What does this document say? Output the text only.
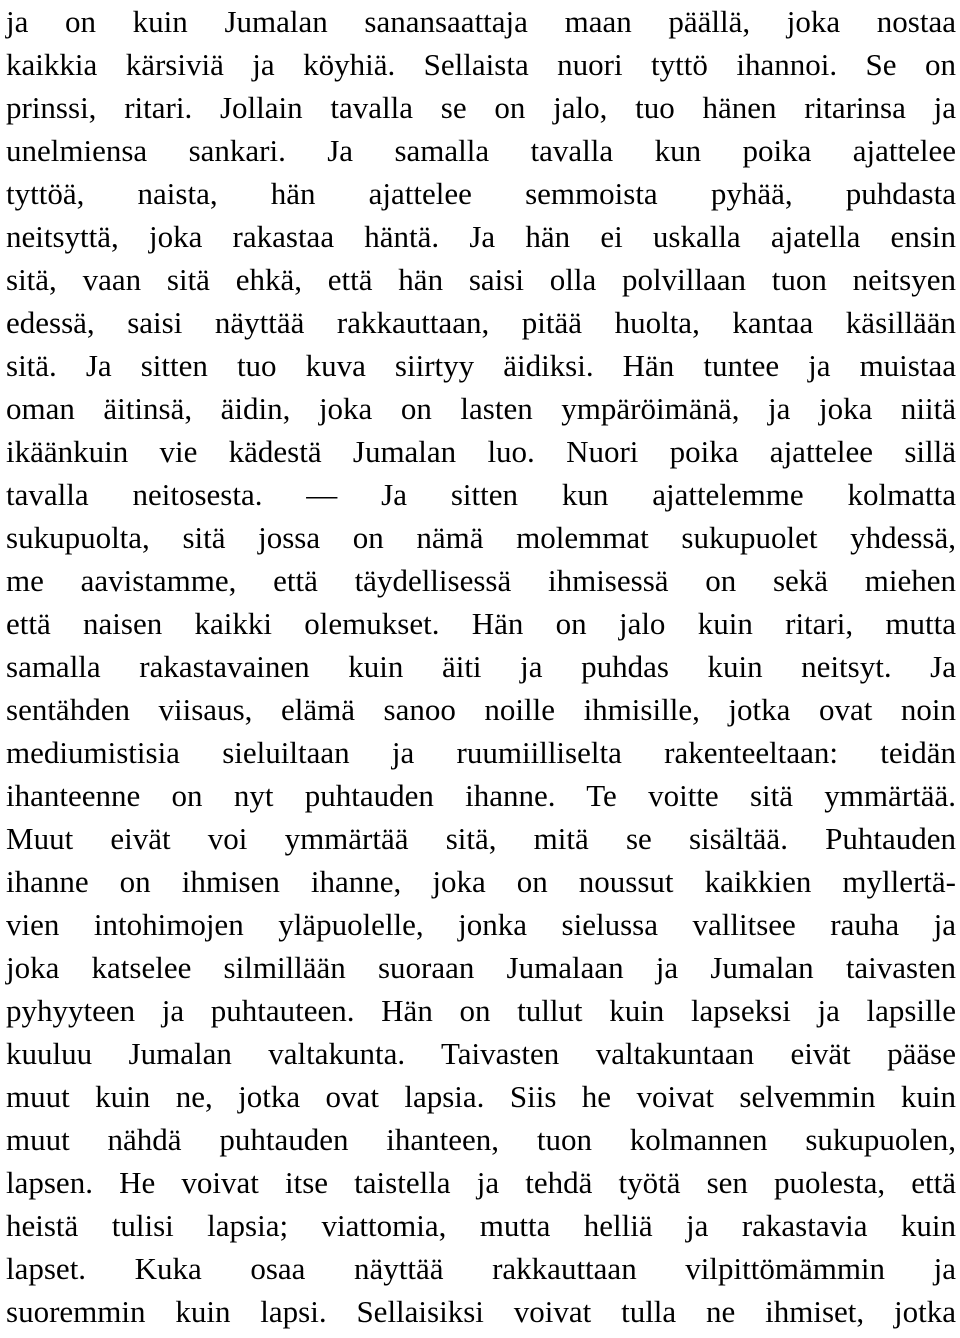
ja on kuin Jumalan sanansaattaja maan päällä, joka nostaa

kaikkia kärsiviä ja köyhiä. Sellaista nuori tyttö ihannoi. Se on

prinssi, ritari. Jollain tavalla se on jalo, tuo hänen ritarinsa ja

unelmiensa sankari. Ja samalla tavalla kun poika ajattelee

tyttöä, naista, hän ajattelee semmoista pyhää, puhdasta

neitsyttä, joka rakastaa häntä. Ja hän ei uskalla ajatella ensin

sitä, vaan sitä ehkä, että hän saisi olla polvillaan tuon neitsyen

edessä, saisi näyttää rakkauttaan, pitää huolta, kantaa käsillään

sitä. Ja sitten tuo kuva siirtyy äidiksi. Hän tuntee ja muistaa

oman äitinsä, äidin, joka on lasten ympäröimänä, ja joka niitä

ikäänkuin vie kädestä Jumalan luo. Nuori poika ajattelee sillä

tavalla neitosesta. — Ja sitten kun ajattelemme kolmatta

sukupuolta, sitä jossa on nämä molemmat sukupuolet yhdessä,

me aavistamme, että täydellisessä ihmisessä on sekä miehen

että naisen kaikki olemukset. Hän on jalo kuin ritari, mutta

samalla rakastavainen kuin äiti ja puhdas kuin neitsyt. Ja

sentähden viisaus, elämä sanoo noille ihmisille, jotka ovat noin

mediumistisia sieluiltaan ja ruumiilliselta rakenteeltaan: teidän

ihanteenne on nyt puhtauden ihanne. Te voitte sitä ymmärtää.

Muut eivät voi ymmärtää sitä, mitä se sisältää. Puhtauden

ihanne on ihmisen ihanne, joka on noussut kaikkien myllertä-

vien intohimojen yläpuolelle, jonka sielussa vallitsee rauha ja

joka katselee silmillään suoraan Jumalaan ja Jumalan taivasten

pyhyyteen ja puhtauteen. Hän on tullut kuin lapseksi ja lapsille

kuuluu Jumalan valtakunta. Taivasten valtakuntaan eivät pääse

muut kuin ne, jotka ovat lapsia. Siis he voivat selvemmin kuin

muut nähdä puhtauden ihanteen, tuon kolmannen sukupuolen,

lapsen. He voivat itse taistella ja tehdä työtä sen puolesta, että

heistä tulisi lapsia; viattomia, mutta helliä ja rakastavia kuin

lapset. Kuka osaa näyttää rakkauttaan vilpittömämmin ja

suoremmin kuin lapsi. Sellaisiksi voivat tulla ne ihmiset, jotka
